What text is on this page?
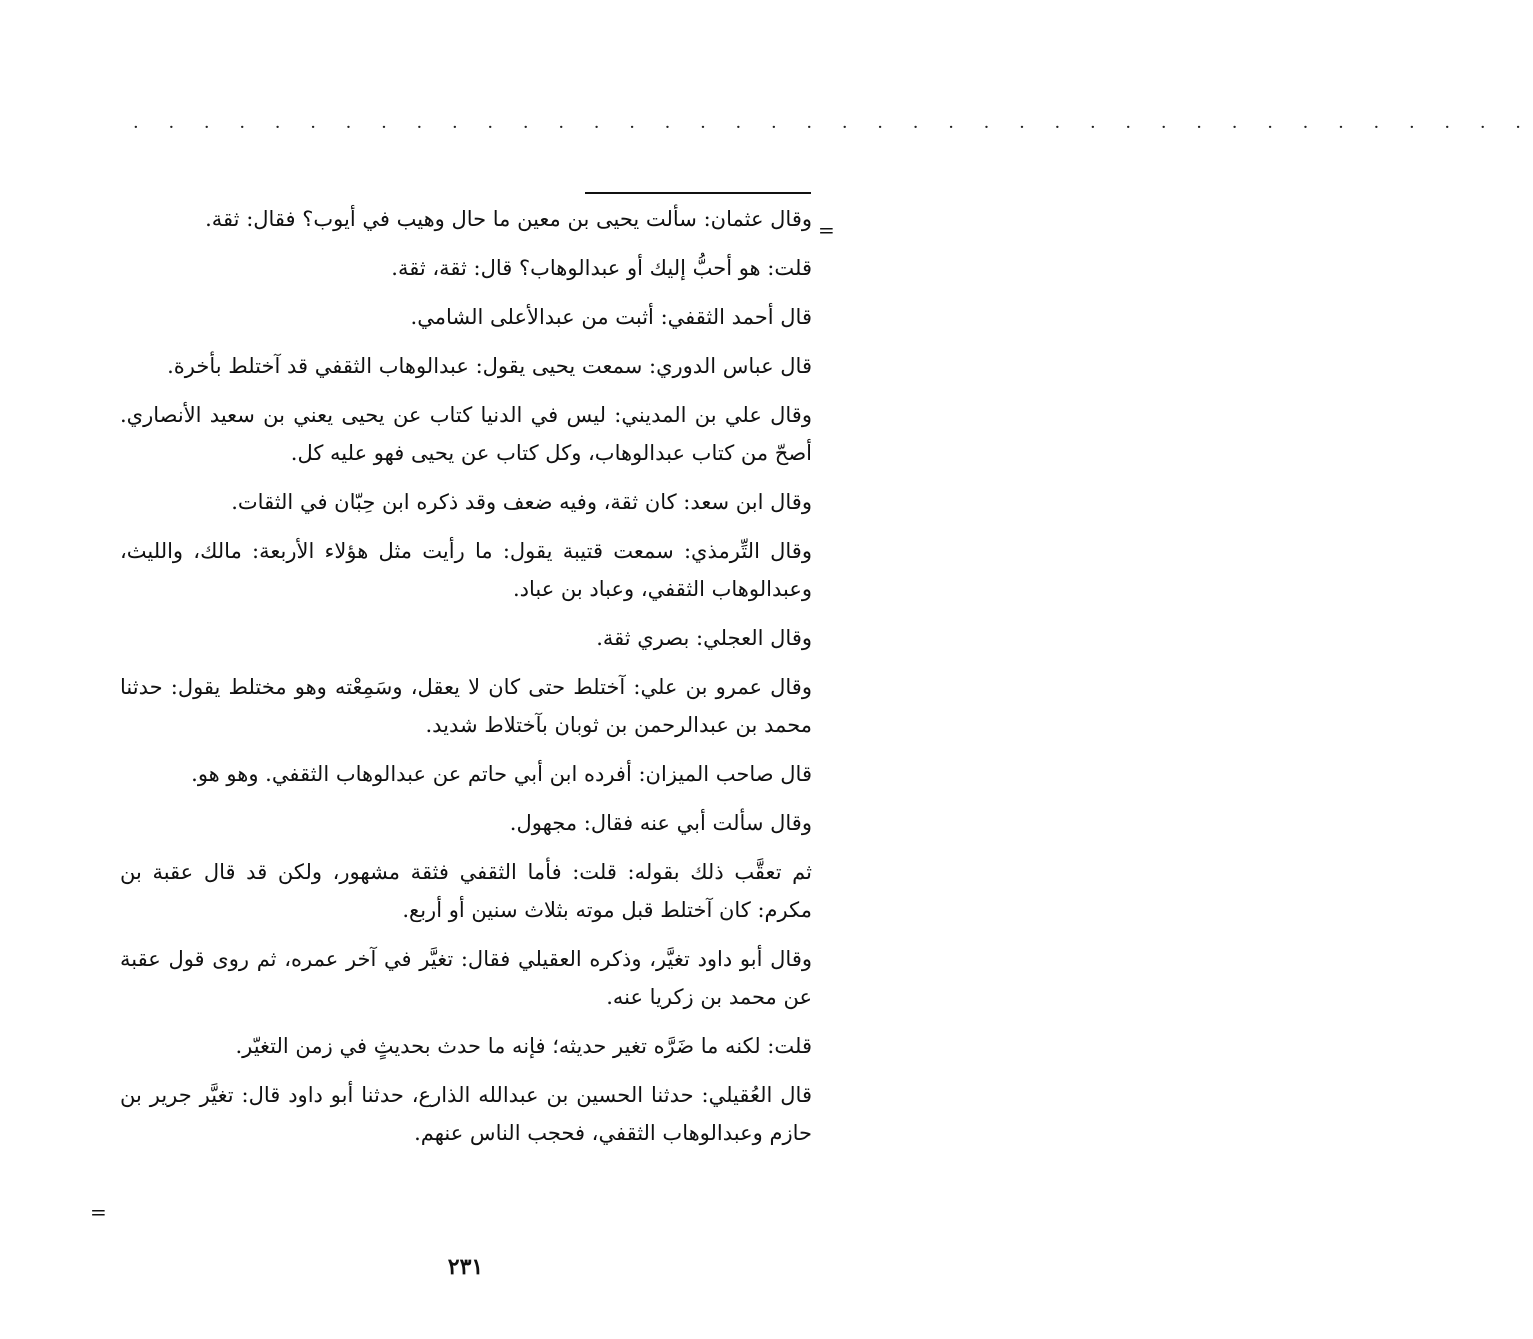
· · · · · · · · · · · · · · · · · · · · · · · · · · · · · · · · · · · · · · · ·
=

وقال عثمان: سألت يحيى بن معين ما حال وهيب في أيوب؟ فقال: ثقة.

قلت: هو أحبُّ إليك أو عبدالوهاب؟ قال: ثقة، ثقة.

قال أحمد الثقفي: أثبت من عبدالأعلى الشامي.

قال عباس الدوري: سمعت يحيى يقول: عبدالوهاب الثقفي قد آختلط بأخرة.

وقال علي بن المديني: ليس في الدنيا كتاب عن يحيى يعني بن سعيد الأنصاري. أصحّ من كتاب عبدالوهاب، وكل كتاب عن يحيى فهو عليه كل.

وقال ابن سعد: كان ثقة، وفيه ضعف وقد ذكره ابن حِبّان في الثقات.

وقال التِّرمذي: سمعت قتيبة يقول: ما رأيت مثل هؤلاء الأربعة: مالك، والليث، وعبدالوهاب الثقفي، وعباد بن عباد.

وقال العجلي: بصري ثقة.

وقال عمرو بن علي: آختلط حتى كان لا يعقل، وسَمِعْته وهو مختلط يقول: حدثنا محمد بن عبدالرحمن بن ثوبان بآختلاط شديد.

قال صاحب الميزان: أفرده ابن أبي حاتم عن عبدالوهاب الثقفي. وهو هو.

وقال سألت أبي عنه فقال: مجهول.

ثم تعقَّب ذلك بقوله: قلت: فأما الثقفي فثقة مشهور، ولكن قد قال عقبة بن مكرم: كان آختلط قبل موته بثلاث سنين أو أربع.

وقال أبو داود تغيَّر، وذكره العقيلي فقال: تغيَّر في آخر عمره، ثم روى قول عقبة عن محمد بن زكريا عنه.

قلت: لكنه ما ضَرَّه تغير حديثه؛ فإنه ما حدث بحديثٍ في زمن التغيّر.

قال العُقيلي: حدثنا الحسين بن عبدالله الذارع، حدثنا أبو داود قال: تغيَّر جرير بن حازم وعبدالوهاب الثقفي، فحجب الناس عنهم.

=
٢٣١
